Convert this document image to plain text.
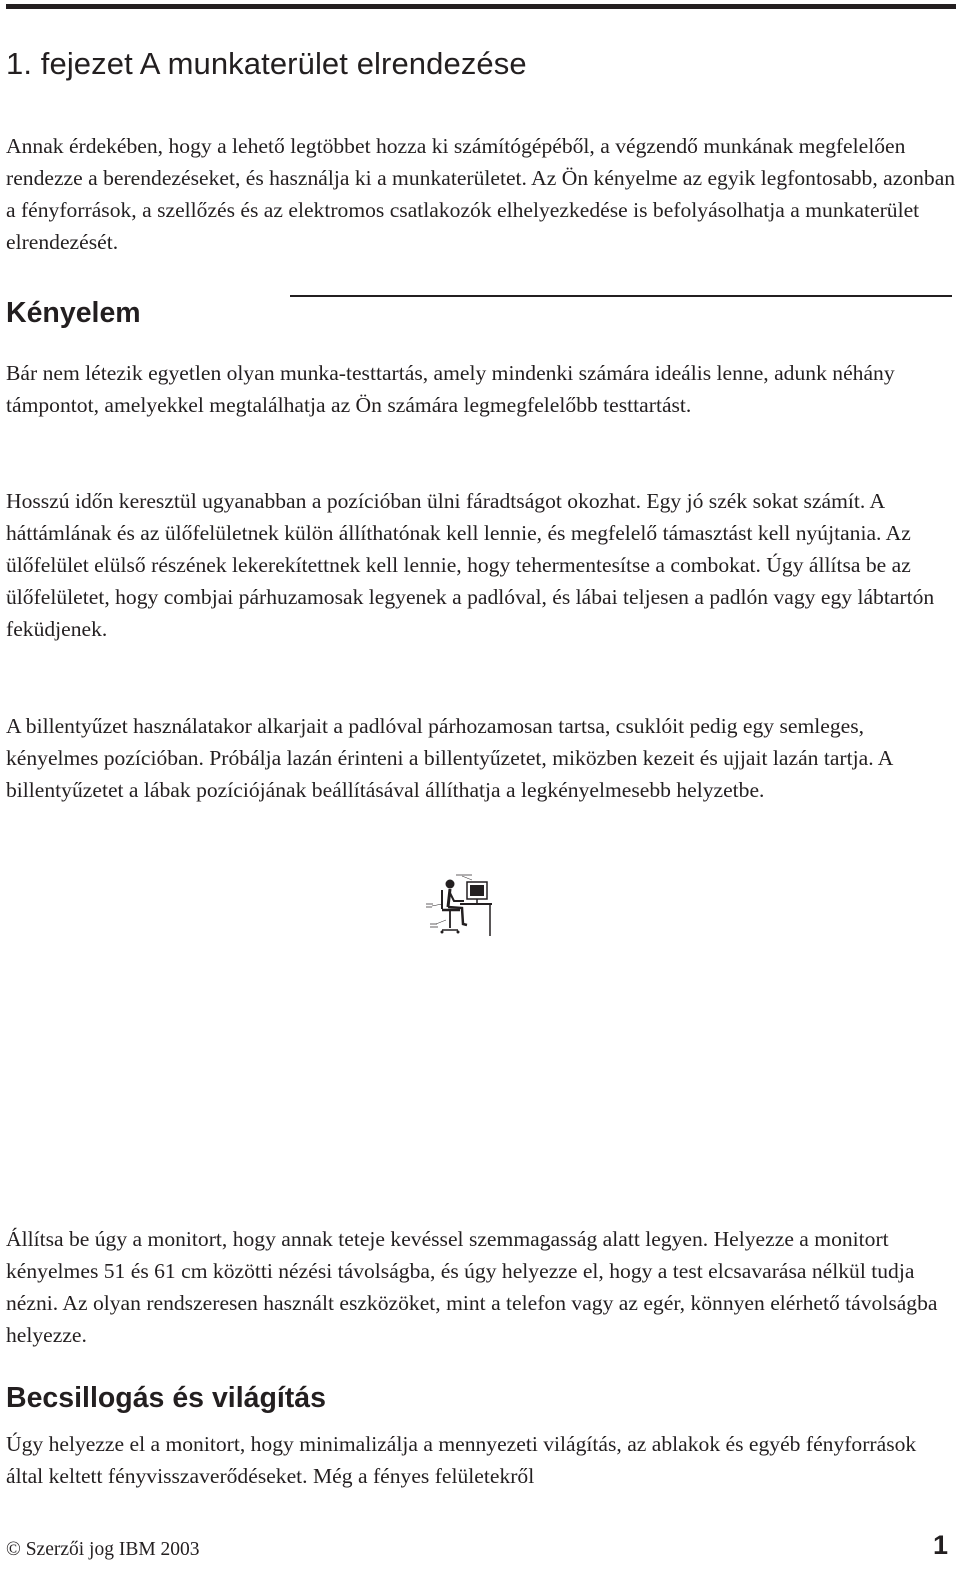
1. fejezet A munkaterület elrendezése

Annak érdekében, hogy a lehető legtöbbet hozza ki számítógépéből, a végzendő munkának megfelelően rendezze a berendezéseket, és használja ki a munkaterületet. Az Ön kényelme az egyik legfontosabb, azonban a fényforrások, a szellőzés és az elektromos csatlakozók elhelyezkedése is befolyásolhatja a munkaterület elrendezését.

Kényelem

Bár nem létezik egyetlen olyan munka-testtartás, amely mindenki számára ideális lenne, adunk néhány támpontot, amelyekkel megtalálhatja az Ön számára legmegfelelőbb testtartást.

Hosszú időn keresztül ugyanabban a pozícióban ülni fáradtságot okozhat. Egy jó szék sokat számít. A háttámlának és az ülőfelületnek külön állíthatónak kell lennie, és megfelelő támasztást kell nyújtania. Az ülőfelület elülső részének lekerekítettnek kell lennie, hogy tehermentesítse a combokat. Úgy állítsa be az ülőfelületet, hogy combjai párhuzamosak legyenek a padlóval, és lábai teljesen a padlón vagy egy lábtartón feküdjenek.

A billentyűzet használatakor alkarjait a padlóval párhozamosan tartsa, csuklóit pedig egy semleges, kényelmes pozícióban. Próbálja lazán érinteni a billentyűzetet, miközben kezeit és ujjait lazán tartja. A billentyűzetet a lábak pozíciójának beállításával állíthatja a legkényelmesebb helyzetbe.

Állítsa be úgy a monitort, hogy annak teteje kevéssel szemmagasság alatt legyen. Helyezze a monitort kényelmes 51 és 61 cm közötti nézési távolságba, és úgy helyezze el, hogy a test elcsavarása nélkül tudja nézni. Az olyan rendszeresen használt eszközöket, mint a telefon vagy az egér, könnyen elérhető távolságba helyezze.

Becsillogás és világítás

Úgy helyezze el a monitort, hogy minimalizálja a mennyezeti világítás, az ablakok és egyéb fényforrások által keltett fényvisszaverődéseket. Még a fényes felületekről

© Szerzői jog IBM 2003	1
